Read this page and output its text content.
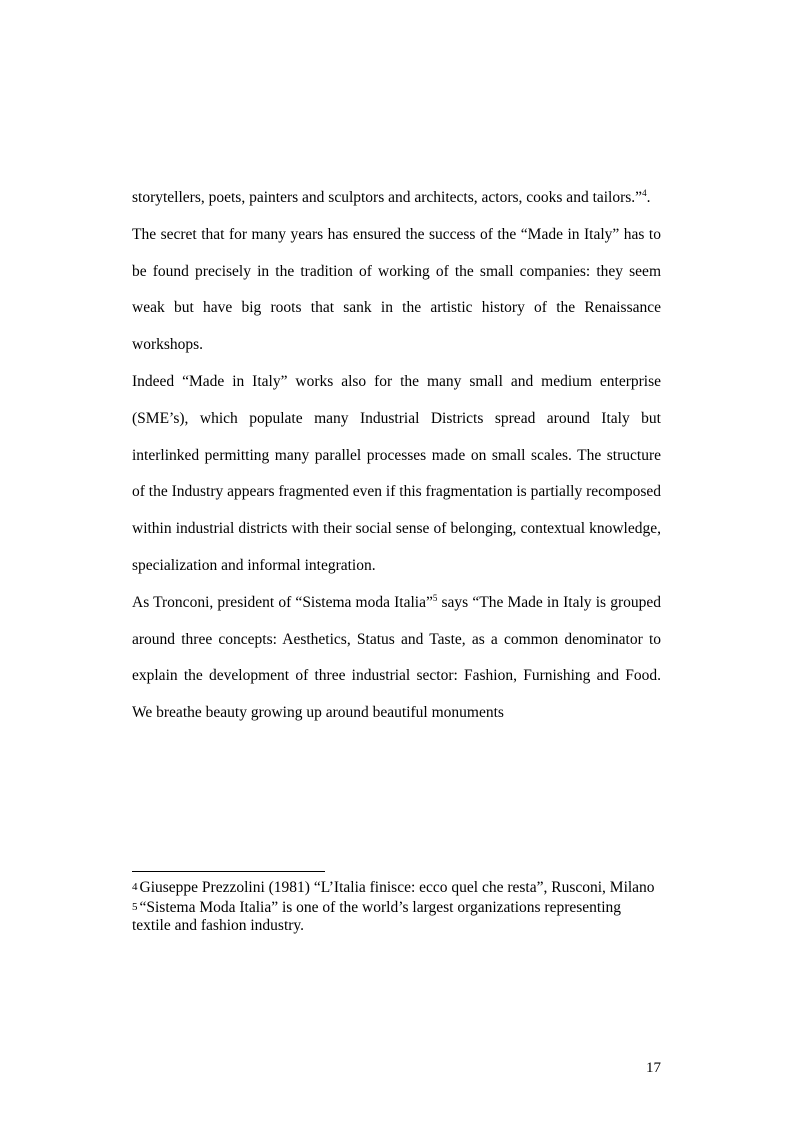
storytellers, poets, painters and sculptors and architects, actors, cooks and tailors.”$^4$.

The secret that for many years has ensured the success of the “Made in Italy” has to be found precisely in the tradition of working of the small companies: they seem weak but have big roots that sank in the artistic history of the Renaissance workshops.

Indeed “Made in Italy” works also for the many small and medium enterprise (SME’s), which populate many Industrial Districts spread around Italy but interlinked permitting many parallel processes made on small scales. The structure of the Industry appears fragmented even if this fragmentation is partially recomposed within industrial districts with their social sense of belonging, contextual knowledge, specialization and informal integration.

As Tronconi, president of “Sistema moda Italia”$^5$ says “The Made in Italy is grouped around three concepts: Aesthetics, Status and Taste, as a common denominator to explain the development of three industrial sector: Fashion, Furnishing and Food. We breathe beauty growing up around beautiful monuments

4 Giuseppe Prezzolini (1981) “L’Italia finisce: ecco quel che resta”, Rusconi, Milano

5 “Sistema Moda Italia” is one of the world’s largest organizations representing textile and fashion industry.

17
